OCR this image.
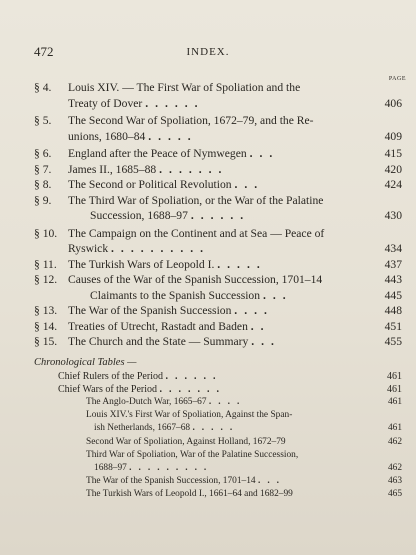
472	INDEX.
PAGE
§ 4.	Louis XIV. — The First War of Spoliation and the
Treaty of Dover ......	406
§ 5.	The Second War of Spoliation, 1672–79, and the Re-
unions, 1680–84 .....	409
§ 6.	England after the Peace of Nymwegen ...	415
§ 7.	James II., 1685–88 .......	420
§ 8.	The Second or Political Revolution ...	424
§ 9.	The Third War of Spoliation, or the War of the Palatine
Succession, 1688–97 ......	430
§ 10. The Campaign on the Continent and at Sea — Peace of
Ryswick ..........	434
§ 11. The Turkish Wars of Leopold I. .....	437
§ 12. Causes of the War of the Spanish Succession, 1701–14	443
Claimants to the Spanish Succession ...	445
§ 13. The War of the Spanish Succession ....	448
§ 14. Treaties of Utrecht, Rastadt and Baden ..	451
§ 15. The Church and the State — Summary ...	455
Chronological Tables —
Chief Rulers of the Period ......	461
Chief Wars of the Period .......	461
The Anglo-Dutch War, 1665–67 ....	461
Louis XIV.'s First War of Spoliation, Against the Span-
ish Netherlands, 1667–68 .....	461
Second War of Spoliation, Against Holland, 1672–79	462
Third War of Spoliation, War of the Palatine Succession,
1688–97 .........	462
The War of the Spanish Succession, 1701–14 ...	463
The Turkish Wars of Leopold I., 1661–64 and 1682–99	465
